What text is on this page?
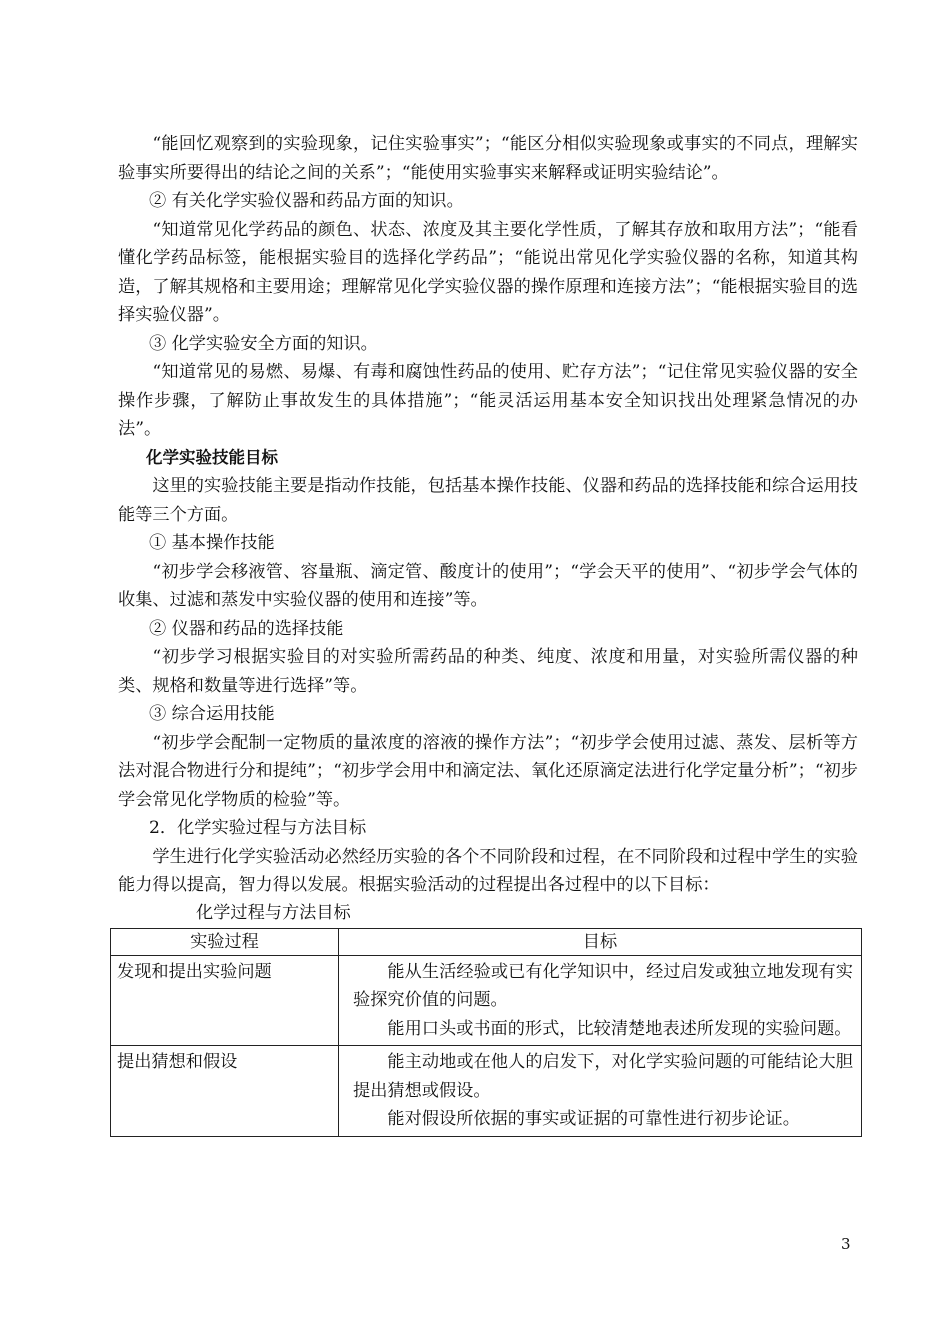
“能回忆观察到的实验现象，记住实验事实”；“能区分相似实验现象或事实的不同点，理解实验事实所要得出的结论之间的关系”；“能使用实验事实来解释或证明实验结论”。

② 有关化学实验仪器和药品方面的知识。

“知道常见化学药品的颜色、状态、浓度及其主要化学性质，了解其存放和取用方法”；“能看懂化学药品标签，能根据实验目的选择化学药品”；“能说出常见化学实验仪器的名称，知道其构造，了解其规格和主要用途；理解常见化学实验仪器的操作原理和连接方法”；“能根据实验目的选择实验仪器”。

③ 化学实验安全方面的知识。

“知道常见的易燃、易爆、有毒和腐蚀性药品的使用、贮存方法”；“记住常见实验仪器的安全操作步骤，了解防止事故发生的具体措施”；“能灵活运用基本安全知识找出处理紧急情况的办法”。

化学实验技能目标

这里的实验技能主要是指动作技能，包括基本操作技能、仪器和药品的选择技能和综合运用技能等三个方面。

① 基本操作技能

“初步学会移液管、容量瓶、滴定管、酸度计的使用”；“学会天平的使用”、“初步学会气体的收集、过滤和蒸发中实验仪器的使用和连接”等。

② 仪器和药品的选择技能

“初步学习根据实验目的对实验所需药品的种类、纯度、浓度和用量，对实验所需仪器的种类、规格和数量等进行选择”等。

③ 综合运用技能

“初步学会配制一定物质的量浓度的溶液的操作方法”；“初步学会使用过滤、蒸发、层析等方法对混合物进行分和提纯”；“初步学会用中和滴定法、氧化还原滴定法进行化学定量分析”；“初步学会常见化学物质的检验”等。

2．化学实验过程与方法目标

学生进行化学实验活动必然经历实验的各个不同阶段和过程，在不同阶段和过程中学生的实验能力得以提高，智力得以发展。根据实验活动的过程提出各过程中的以下目标：

化学过程与方法目标

实验过程	目标
发现和提出实验问题	能从生活经验或已有化学知识中，经过启发或独立地发现有实验探究价值的问题。

能用口头或书面的形式，比较清楚地表述所发现的实验问题。

提出猜想和假设	能主动地或在他人的启发下，对化学实验问题的可能结论大胆提出猜想或假设。

能对假设所依据的事实或证据的可靠性进行初步论证。

3
